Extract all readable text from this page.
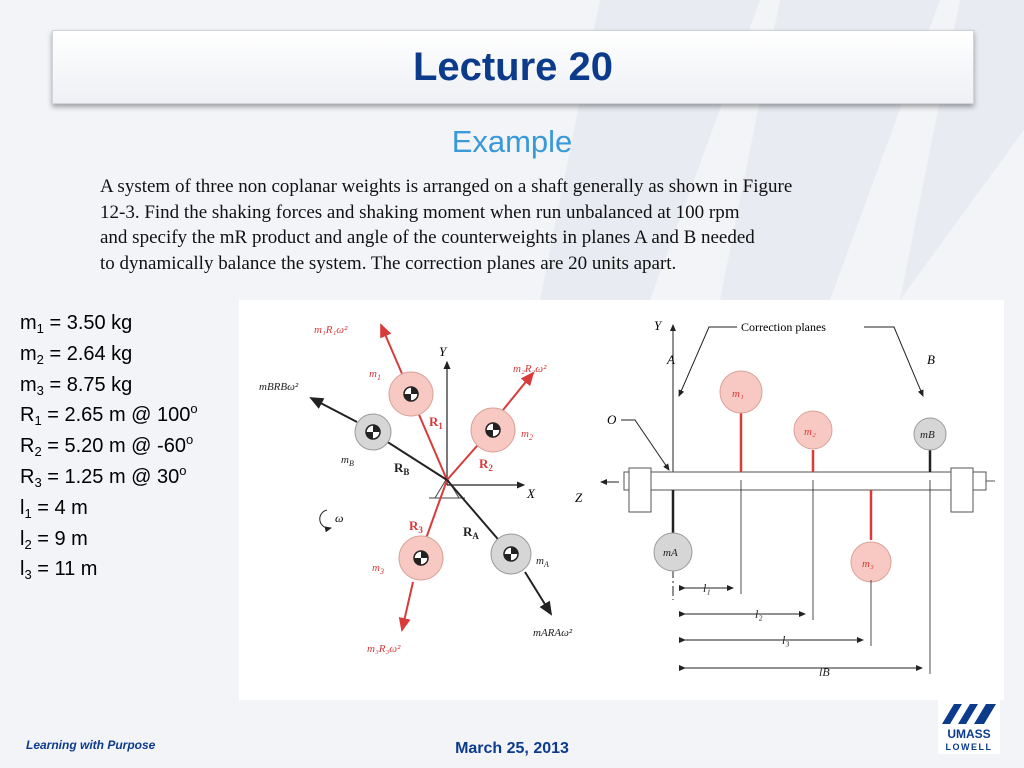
Lecture 20
Example

A system of three non coplanar weights is arranged on a shaft generally as shown in Figure

12-3. Find the shaking forces and shaking moment when run unbalanced at 100 rpm

and specify the mR product and angle of the counterweights in planes A and B needed

to dynamically balance the system. The correction planes are 20 units apart.

$m_1 = 3.50$ kg
$m_2 = 2.64$ kg
$m_3 = 8.75$ kg
$R_1 = 2.65$ m @ 100$^o$
$R_2 = 5.20$ m @ -60$^o$
$R_3 = 1.25$ m @ 30$^o$
$l_1 = 4$ m
$l_2 = 9$ m
$l_3 = 11$ m
Y
X
$m_1$
$m_2$
$m_3$
$m_B$
$m_A$
$R_1$
$R_2$
$R_3$
$R_B$
$R_A$
m₁R₁ω²
m₂R₂ω²
m₃R₃ω²
mARAω²
mBRBω²
ω
Y
A	B
Correction planes
O
Z
m₁
m₂
m₃
mA
mB
l₁
l₂
l₃
lB
Learning with Purpose	March 25, 2013
UMASS
LOWELL
